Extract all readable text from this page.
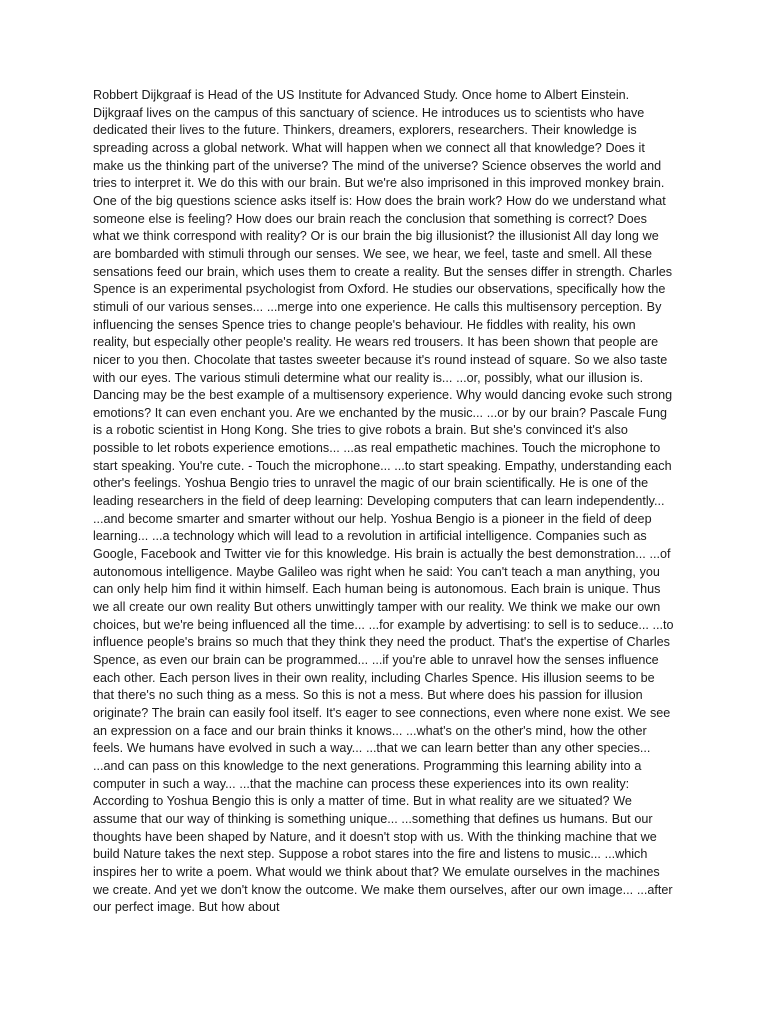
Robbert Dijkgraaf is Head of the US Institute for Advanced Study. Once home to Albert Einstein. Dijkgraaf lives on the campus of this sanctuary of science. He introduces us to scientists who have dedicated their lives to the future. Thinkers, dreamers, explorers, researchers. Their knowledge is spreading across a global network. What will happen when we connect all that knowledge? Does it make us the thinking part of the universe? The mind of the universe? Science observes the world and tries to interpret it. We do this with our brain. But we're also imprisoned in this improved monkey brain. One of the big questions science asks itself is: How does the brain work? How do we understand what someone else is feeling? How does our brain reach the conclusion that something is correct? Does what we think correspond with reality? Or is our brain the big illusionist? the illusionist All day long we are bombarded with stimuli through our senses. We see, we hear, we feel, taste and smell. All these sensations feed our brain, which uses them to create a reality. But the senses differ in strength. Charles Spence is an experimental psychologist from Oxford. He studies our observations, specifically how the stimuli of our various senses... ...merge into one experience. He calls this multisensory perception. By influencing the senses Spence tries to change people's behaviour. He fiddles with reality, his own reality, but especially other people's reality. He wears red trousers. It has been shown that people are nicer to you then. Chocolate that tastes sweeter because it's round instead of square. So we also taste with our eyes. The various stimuli determine what our reality is... ...or, possibly, what our illusion is. Dancing may be the best example of a multisensory experience. Why would dancing evoke such strong emotions? It can even enchant you. Are we enchanted by the music... ...or by our brain? Pascale Fung is a robotic scientist in Hong Kong. She tries to give robots a brain. But she's convinced it's also possible to let robots experience emotions... ...as real empathetic machines. Touch the microphone to start speaking. You're cute. - Touch the microphone... ...to start speaking. Empathy, understanding each other's feelings. Yoshua Bengio tries to unravel the magic of our brain scientifically. He is one of the leading researchers in the field of deep learning: Developing computers that can learn independently... ...and become smarter and smarter without our help. Yoshua Bengio is a pioneer in the field of deep learning... ...a technology which will lead to a revolution in artificial intelligence. Companies such as Google, Facebook and Twitter vie for this knowledge. His brain is actually the best demonstration... ...of autonomous intelligence. Maybe Galileo was right when he said: You can't teach a man anything, you can only help him find it within himself. Each human being is autonomous. Each brain is unique. Thus we all create our own reality But others unwittingly tamper with our reality. We think we make our own choices, but we're being influenced all the time... ...for example by advertising: to sell is to seduce... ...to influence people's brains so much that they think they need the product. That's the expertise of Charles Spence, as even our brain can be programmed... ...if you're able to unravel how the senses influence each other. Each person lives in their own reality, including Charles Spence. His illusion seems to be that there's no such thing as a mess. So this is not a mess. But where does his passion for illusion originate? The brain can easily fool itself. It's eager to see connections, even where none exist. We see an expression on a face and our brain thinks it knows... ...what's on the other's mind, how the other feels. We humans have evolved in such a way... ...that we can learn better than any other species... ...and can pass on this knowledge to the next generations. Programming this learning ability into a computer in such a way... ...that the machine can process these experiences into its own reality: According to Yoshua Bengio this is only a matter of time. But in what reality are we situated? We assume that our way of thinking is something unique... ...something that defines us humans. But our thoughts have been shaped by Nature, and it doesn't stop with us. With the thinking machine that we build Nature takes the next step. Suppose a robot stares into the fire and listens to music... ...which inspires her to write a poem. What would we think about that? We emulate ourselves in the machines we create. And yet we don't know the outcome. We make them ourselves, after our own image... ...after our perfect image. But how about
